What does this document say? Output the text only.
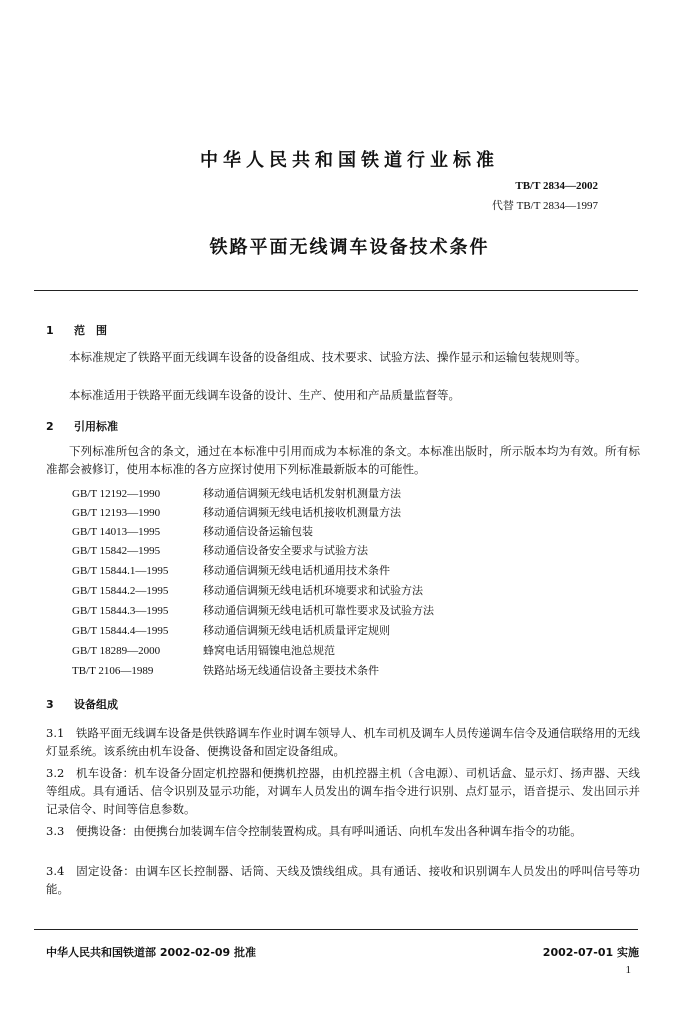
中华人民共和国铁道行业标准
TB/T 2834—2002
代替 TB/T 2834—1997
铁路平面无线调车设备技术条件
1 范　围
本标准规定了铁路平面无线调车设备的设备组成、技术要求、试验方法、操作显示和运输包装规则等。
本标准适用于铁路平面无线调车设备的设计、生产、使用和产品质量监督等。
2 引用标准
下列标准所包含的条文，通过在本标准中引用而成为本标准的条文。本标准出版时，所示版本均为有效。所有标准都会被修订，使用本标准的各方应探讨使用下列标准最新版本的可能性。
GB/T 12192—1990　	移动通信调频无线电话机发射机测量方法
GB/T 12193—1990　	移动通信调频无线电话机接收机测量方法
GB/T 14013—1995　	移动通信设备运输包装
GB/T 15842—1995　	移动通信设备安全要求与试验方法
GB/T 15844.1—1995　	移动通信调频无线电话机通用技术条件
GB/T 15844.2—1995　	移动通信调频无线电话机环境要求和试验方法
GB/T 15844.3—1995　	移动通信调频无线电话机可靠性要求及试验方法
GB/T 15844.4—1995　	移动通信调频无线电话机质量评定规则
GB/T 18289—2000　	蜂窝电话用镉镍电池总规范
TB/T 2106—1989　	铁路站场无线通信设备主要技术条件
3 设备组成
3.1　铁路平面无线调车设备是供铁路调车作业时调车领导人、机车司机及调车人员传递调车信令及通信联络用的无线灯显系统。该系统由机车设备、便携设备和固定设备组成。
3.2　机车设备：机车设备分固定机控器和便携机控器，由机控器主机（含电源）、司机话盒、显示灯、扬声器、天线等组成。具有通话、信令识别及显示功能，对调车人员发出的调车指令进行识别、点灯显示，语音提示、发出回示并记录信令、时间等信息参数。
3.3　便携设备：由便携台加装调车信令控制装置构成。具有呼叫通话、向机车发出各种调车指令的功能。
3.4　固定设备：由调车区长控制器、话筒、天线及馈线组成。具有通话、接收和识别调车人员发出的呼叫信号等功能。
中华人民共和国铁道部 2002-02-09 批准	2002-07-01 实施
1
